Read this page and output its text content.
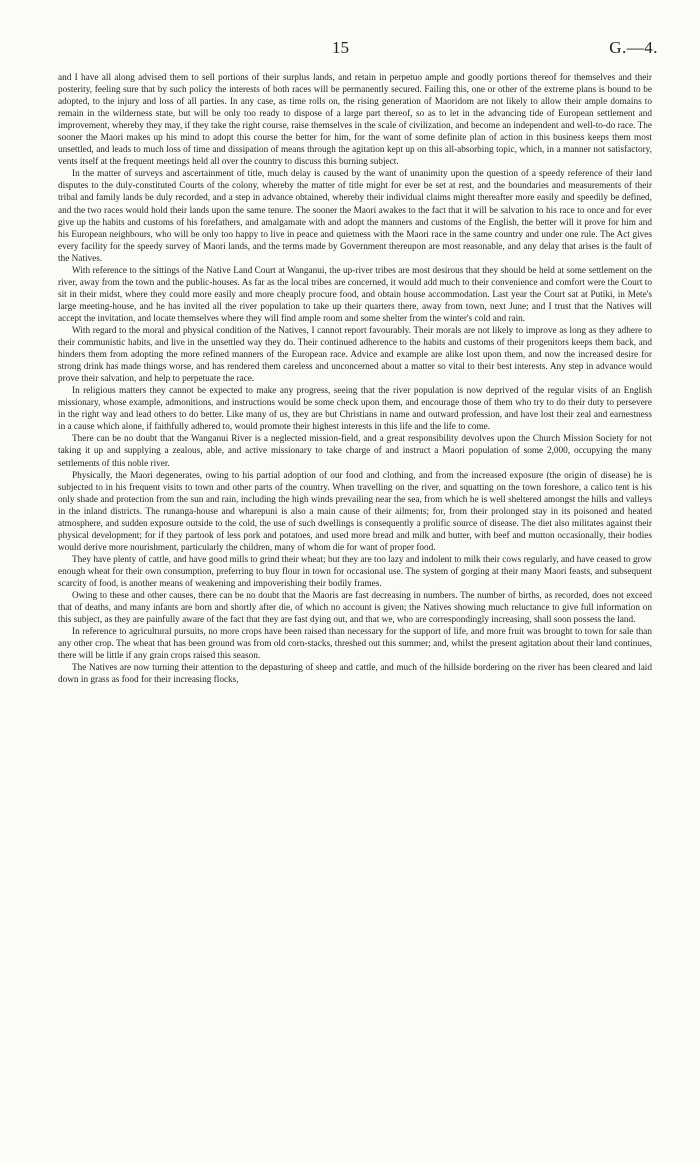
15	G.—4.

and I have all along advised them to sell portions of their surplus lands, and retain in perpetuo ample and goodly portions thereof for themselves and their posterity, feeling sure that by such policy the interests of both races will be permanently secured. Failing this, one or other of the extreme plans is bound to be adopted, to the injury and loss of all parties. In any case, as time rolls on, the rising generation of Maoridom are not likely to allow their ample domains to remain in the wilderness state, but will be only too ready to dispose of a large part thereof, so as to let in the advancing tide of European settlement and improvement, whereby they may, if they take the right course, raise themselves in the scale of civilization, and become an independent and well-to-do race. The sooner the Maori makes up his mind to adopt this course the better for him, for the want of some definite plan of action in this business keeps them most unsettled, and leads to much loss of time and dissipation of means through the agitation kept up on this all-absorbing topic, which, in a manner not satisfactory, vents itself at the frequent meetings held all over the country to discuss this burning subject.

In the matter of surveys and ascertainment of title, much delay is caused by the want of unanimity upon the question of a speedy reference of their land disputes to the duly-constituted Courts of the colony, whereby the matter of title might for ever be set at rest, and the boundaries and measurements of their tribal and family lands be duly recorded, and a step in advance obtained, whereby their individual claims might thereafter more easily and speedily be defined, and the two races would hold their lands upon the same tenure. The sooner the Maori awakes to the fact that it will be salvation to his race to once and for ever give up the habits and customs of his forefathers, and amalgamate with and adopt the manners and customs of the English, the better will it prove for him and his European neighbours, who will be only too happy to live in peace and quietness with the Maori race in the same country and under one rule. The Act gives every facility for the speedy survey of Maori lands, and the terms made by Government thereupon are most reasonable, and any delay that arises is the fault of the Natives.

With reference to the sittings of the Native Land Court at Wanganui, the up-river tribes are most desirous that they should be held at some settlement on the river, away from the town and the public-houses. As far as the local tribes are concerned, it would add much to their convenience and comfort were the Court to sit in their midst, where they could more easily and more cheaply procure food, and obtain house accommodation. Last year the Court sat at Putiki, in Mete's large meeting-house, and he has invited all the river population to take up their quarters there, away from town, next June; and I trust that the Natives will accept the invitation, and locate themselves where they will find ample room and some shelter from the winter's cold and rain.

With regard to the moral and physical condition of the Natives, I cannot report favourably. Their morals are not likely to improve as long as they adhere to their communistic habits, and live in the unsettled way they do. Their continued adherence to the habits and customs of their progenitors keeps them back, and hinders them from adopting the more refined manners of the European race. Advice and example are alike lost upon them, and now the increased desire for strong drink has made things worse, and has rendered them careless and unconcerned about a matter so vital to their best interests. Any step in advance would prove their salvation, and help to perpetuate the race.

In religious matters they cannot be expected to make any progress, seeing that the river population is now deprived of the regular visits of an English missionary, whose example, admonitions, and instructions would be some check upon them, and encourage those of them who try to do their duty to persevere in the right way and lead others to do better. Like many of us, they are but Christians in name and outward profession, and have lost their zeal and earnestness in a cause which alone, if faithfully adhered to, would promote their highest interests in this life and the life to come.

There can be no doubt that the Wanganui River is a neglected mission-field, and a great responsibility devolves upon the Church Mission Society for not taking it up and supplying a zealous, able, and active missionary to take charge of and instruct a Maori population of some 2,000, occupying the many settlements of this noble river.

Physically, the Maori degenerates, owing to his partial adoption of our food and clothing, and from the increased exposure (the origin of disease) he is subjected to in his frequent visits to town and other parts of the country. When travelling on the river, and squatting on the town foreshore, a calico tent is his only shade and protection from the sun and rain, including the high winds prevailing near the sea, from which he is well sheltered amongst the hills and valleys in the inland districts. The runanga-house and wharepuni is also a main cause of their ailments; for, from their prolonged stay in its poisoned and heated atmosphere, and sudden exposure outside to the cold, the use of such dwellings is consequently a prolific source of disease. The diet also militates against their physical development; for if they partook of less pork and potatoes, and used more bread and milk and butter, with beef and mutton occasionally, their bodies would derive more nourishment, particularly the children, many of whom die for want of proper food.

They have plenty of cattle, and have good mills to grind their wheat; but they are too lazy and indolent to milk their cows regularly, and have ceased to grow enough wheat for their own consumption, preferring to buy flour in town for occasional use. The system of gorging at their many Maori feasts, and subsequent scarcity of food, is another means of weakening and impoverishing their bodily frames.

Owing to these and other causes, there can be no doubt that the Maoris are fast decreasing in numbers. The number of births, as recorded, does not exceed that of deaths, and many infants are born and shortly after die, of which no account is given; the Natives showing much reluctance to give full information on this subject, as they are painfully aware of the fact that they are fast dying out, and that we, who are correspondingly increasing, shall soon possess the land.

In reference to agricultural pursuits, no more crops have been raised than necessary for the support of life, and more fruit was brought to town for sale than any other crop. The wheat that has been ground was from old corn-stacks, threshed out this summer; and, whilst the present agitation about their land continues, there will be little if any grain crops raised this season.

The Natives are now turning their attention to the depasturing of sheep and cattle, and much of the hillside bordering on the river has been cleared and laid down in grass as food for their increasing flocks,
